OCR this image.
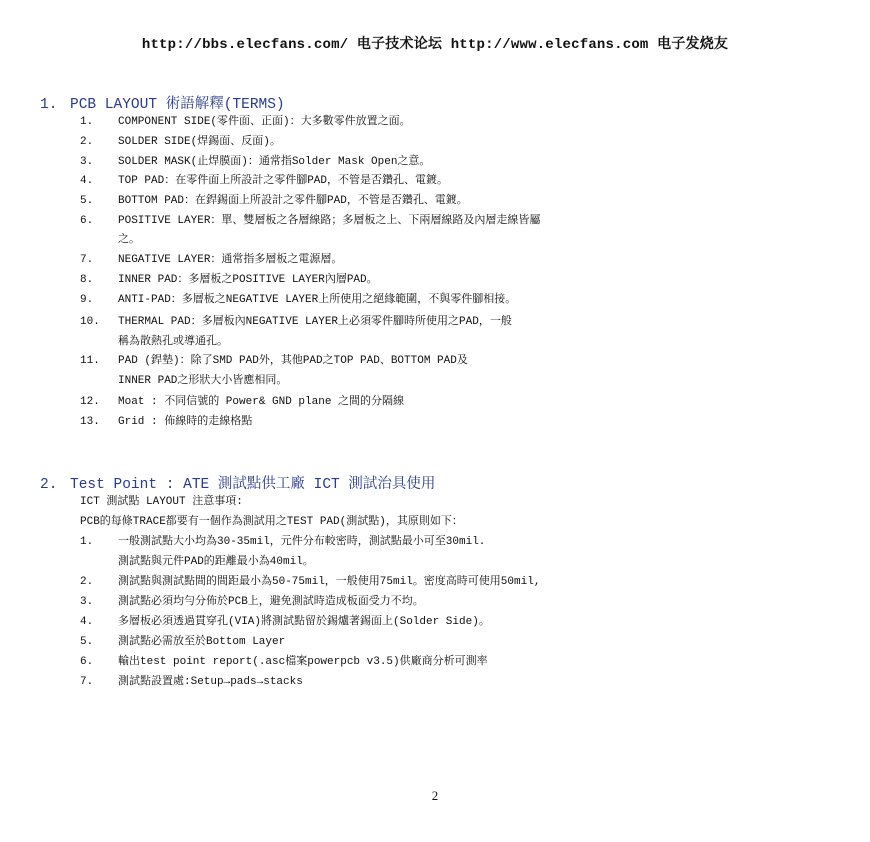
http://bbs.elecfans.com/ 电子技术论坛 http://www.elecfans.com 电子发烧友
1. PCB LAYOUT 術語解釋(TERMS)
1. COMPONENT SIDE(零件面、正面)：大多數零件放置之面。
2. SOLDER SIDE(焊錫面、反面)。
3. SOLDER MASK(止焊膜面)：通常指Solder Mask Open之意。
4. TOP PAD：在零件面上所設計之零件腳PAD，不管是否鑽孔、電鍍。
5. BOTTOM PAD：在銲錫面上所設計之零件腳PAD，不管是否鑽孔、電鍍。
6. POSITIVE LAYER：單、雙層板之各層線路；多層板之上、下兩層線路及內層走線皆屬
之。
7. NEGATIVE LAYER：通常指多層板之電源層。
8. INNER PAD：多層板之POSITIVE LAYER內層PAD。
9. ANTI-PAD：多層板之NEGATIVE LAYER上所使用之絕緣範圍，不與零件腳相接。
10. THERMAL PAD：多層板內NEGATIVE LAYER上必須零件腳時所使用之PAD，一般
稱為散熱孔或導通孔。
11. PAD (銲墊)：除了SMD PAD外，其他PAD之TOP PAD、BOTTOM PAD及
INNER PAD之形狀大小皆應相同。
12. Moat : 不同信號的 Power& GND plane 之間的分隔線
13. Grid : 佈線時的走線格點
2. Test Point : ATE 測試點供工廠 ICT 測試治具使用
ICT 測試點 LAYOUT 注意事項:
PCB的每條TRACE都要有一個作為測試用之TEST PAD(測試點)，其原則如下：
1. 一般測試點大小均為30-35mil，元件分布較密時，測試點最小可至30mil.
測試點與元件PAD的距離最小為40mil。
2. 測試點與測試點間的間距最小為50-75mil，一般使用75mil。密度高時可使用50mil,
3. 測試點必須均勻分佈於PCB上，避免測試時造成板面受力不均。
4. 多層板必須透過貫穿孔(VIA)將測試點留於錫爐著錫面上(Solder Side)。
5. 測試點必需放至於Bottom Layer
6. 輸出test point report(.asc檔案powerpcb v3.5)供廠商分析可測率
7. 測試點設置處:Setup→pads→stacks
2
